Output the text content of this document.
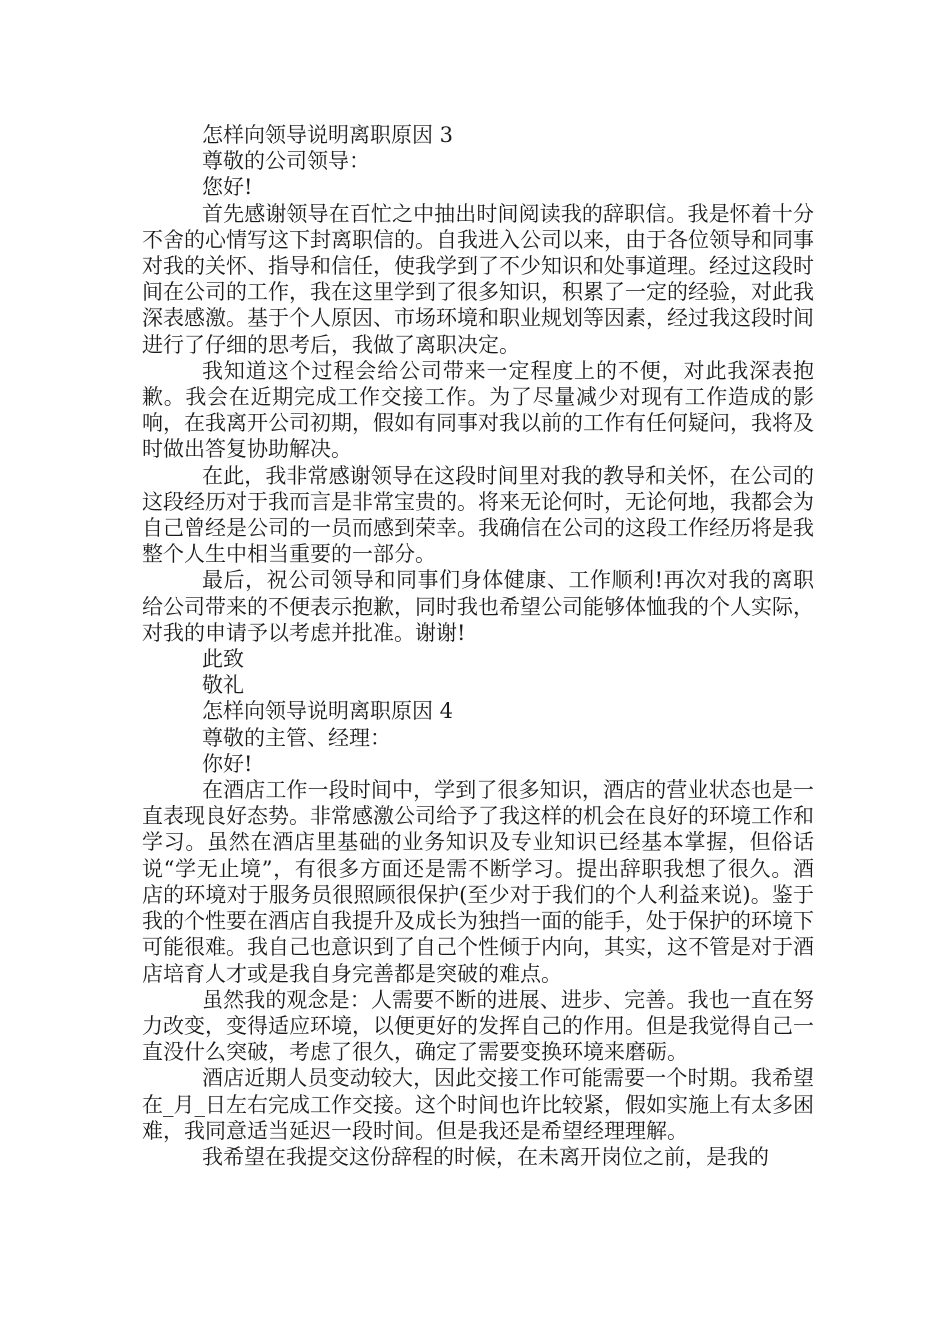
怎样向领导说明离职原因 3

尊敬的公司领导：

您好!

首先感谢领导在百忙之中抽出时间阅读我的辞职信。我是怀着十分不舍的心情写这下封离职信的。自我进入公司以来，由于各位领导和同事对我的关怀、指导和信任，使我学到了不少知识和处事道理。经过这段时间在公司的工作，我在这里学到了很多知识，积累了一定的经验，对此我深表感激。基于个人原因、市场环境和职业规划等因素，经过我这段时间进行了仔细的思考后，我做了离职决定。

我知道这个过程会给公司带来一定程度上的不便，对此我深表抱歉。我会在近期完成工作交接工作。为了尽量减少对现有工作造成的影响，在我离开公司初期，假如有同事对我以前的工作有任何疑问，我将及时做出答复协助解决。

在此，我非常感谢领导在这段时间里对我的教导和关怀，在公司的这段经历对于我而言是非常宝贵的。将来无论何时，无论何地，我都会为自己曾经是公司的一员而感到荣幸。我确信在公司的这段工作经历将是我整个人生中相当重要的一部分。

最后，祝公司领导和同事们身体健康、工作顺利!再次对我的离职给公司带来的不便表示抱歉，同时我也希望公司能够体恤我的个人实际，对我的申请予以考虑并批准。谢谢!

此致

敬礼

怎样向领导说明离职原因 4

尊敬的主管、经理：

你好!

在酒店工作一段时间中，学到了很多知识，酒店的营业状态也是一直表现良好态势。非常感激公司给予了我这样的机会在良好的环境工作和学习。虽然在酒店里基础的业务知识及专业知识已经基本掌握，但俗话说“学无止境”，有很多方面还是需不断学习。提出辞职我想了很久。酒店的环境对于服务员很照顾很保护(至少对于我们的个人利益来说)。鉴于我的个性要在酒店自我提升及成长为独挡一面的能手，处于保护的环境下可能很难。我自己也意识到了自己个性倾于内向，其实，这不管是对于酒店培育人才或是我自身完善都是突破的难点。

虽然我的观念是：人需要不断的进展、进步、完善。我也一直在努力改变，变得适应环境，以便更好的发挥自己的作用。但是我觉得自己一直没什么突破，考虑了很久，确定了需要变换环境来磨砺。

酒店近期人员变动较大，因此交接工作可能需要一个时期。我希望在_月_日左右完成工作交接。这个时间也许比较紧，假如实施上有太多困难，我同意适当延迟一段时间。但是我还是希望经理理解。

我希望在我提交这份辞程的时候，在未离开岗位之前，是我的
